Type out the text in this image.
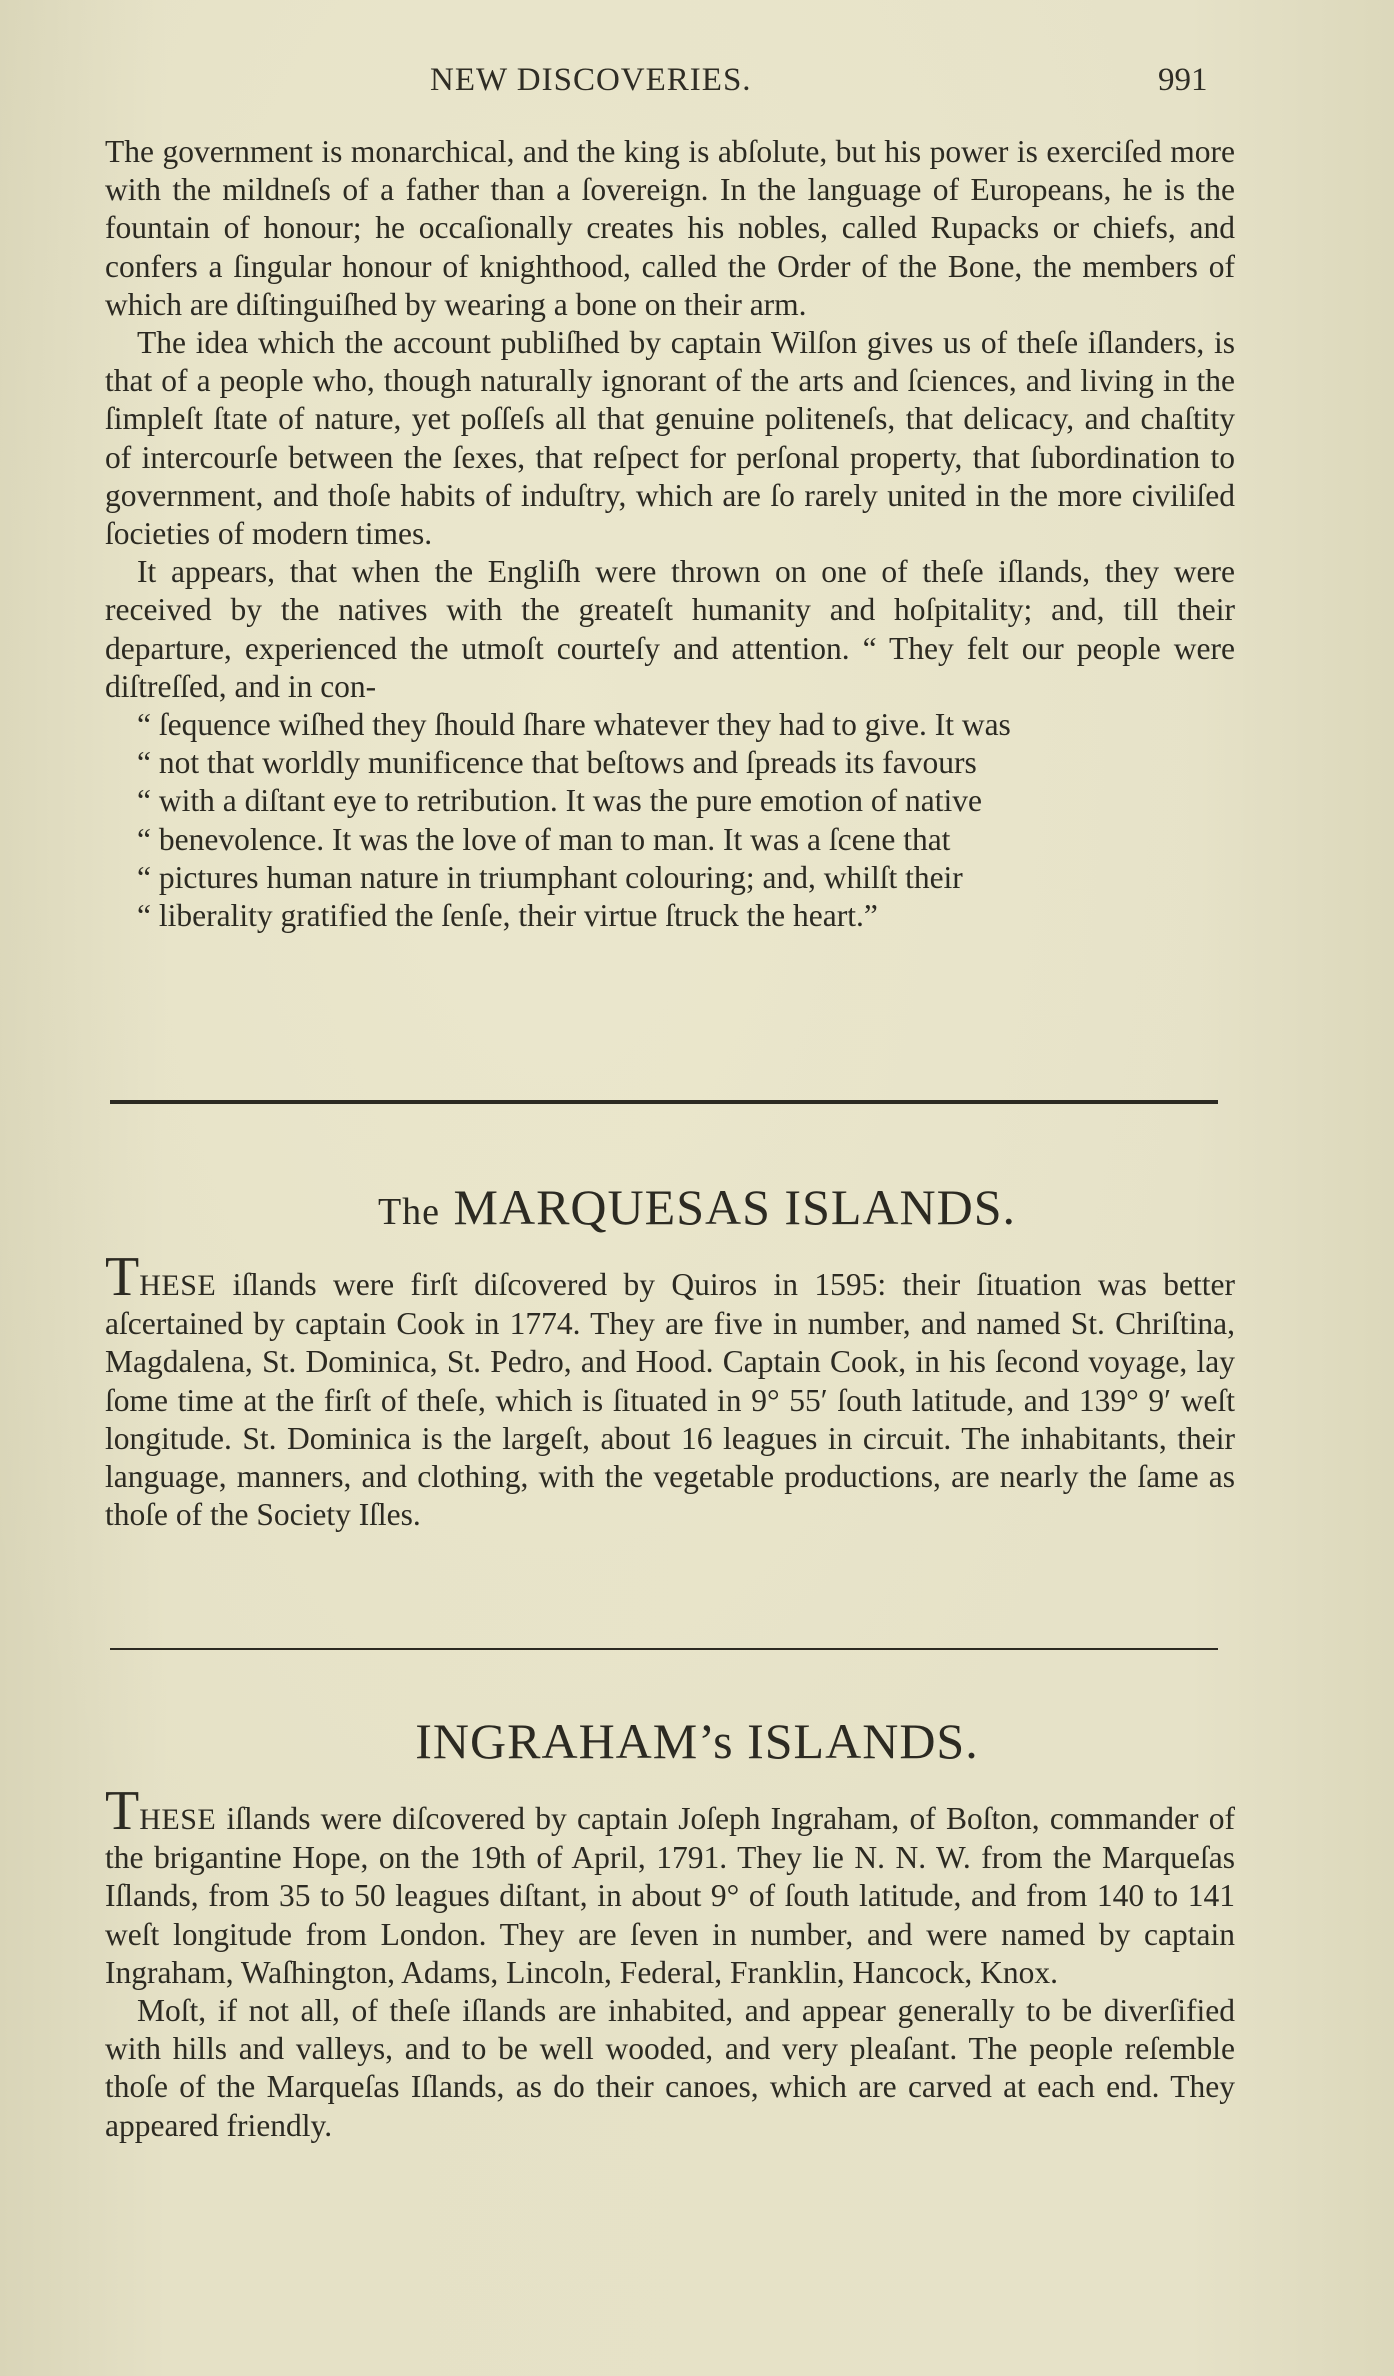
NEW DISCOVERIES.	991

The government is monarchical, and the king is abſolute, but his power is exerciſed more with the mildneſs of a father than a ſovereign. In the language of Europeans, he is the fountain of honour; he occaſionally creates his nobles, called Rupacks or chiefs, and confers a ſingular honour of knighthood, called the Order of the Bone, the members of which are diſtinguiſhed by wearing a bone on their arm.

The idea which the account publiſhed by captain Wilſon gives us of theſe iſlanders, is that of a people who, though naturally ignorant of the arts and ſciences, and living in the ſimpleſt ſtate of nature, yet poſſeſs all that genuine politeneſs, that delicacy, and chaſtity of intercourſe between the ſexes, that reſpect for perſonal property, that ſubordination to government, and thoſe habits of induſtry, which are ſo rarely united in the more civiliſed ſocieties of modern times.

It appears, that when the Engliſh were thrown on one of theſe iſlands, they were received by the natives with the greateſt humanity and hoſpitality; and, till their departure, experienced the utmoſt courteſy and attention. “ They felt our people were diſtreſſed, and in con-
“ ſequence wiſhed they ſhould ſhare whatever they had to give. It was
“ not that worldly munificence that beſtows and ſpreads its favours
“ with a diſtant eye to retribution. It was the pure emotion of native
“ benevolence. It was the love of man to man. It was a ſcene that
“ pictures human nature in triumphant colouring; and, whilſt their
“ liberality gratified the ſenſe, their virtue ſtruck the heart.”

The MARQUESAS ISLANDS.

THESE iſlands were firſt diſcovered by Quiros in 1595: their ſituation was better aſcertained by captain Cook in 1774. They are five in number, and named St. Chriſtina, Magdalena, St. Dominica, St. Pedro, and Hood. Captain Cook, in his ſecond voyage, lay ſome time at the firſt of theſe, which is ſituated in 9° 55′ ſouth latitude, and 139° 9′ weſt longitude. St. Dominica is the largeſt, about 16 leagues in circuit. The inhabitants, their language, manners, and clothing, with the vegetable productions, are nearly the ſame as thoſe of the Society Iſles.

INGRAHAM’s ISLANDS.

THESE iſlands were diſcovered by captain Joſeph Ingraham, of Boſton, commander of the brigantine Hope, on the 19th of April, 1791. They lie N. N. W. from the Marqueſas Iſlands, from 35 to 50 leagues diſtant, in about 9° of ſouth latitude, and from 140 to 141 weſt longitude from London. They are ſeven in number, and were named by captain Ingraham, Waſhington, Adams, Lincoln, Federal, Franklin, Hancock, Knox.

Moſt, if not all, of theſe iſlands are inhabited, and appear generally to be diverſified with hills and valleys, and to be well wooded, and very pleaſant. The people reſemble thoſe of the Marqueſas Iſlands, as do their canoes, which are carved at each end. They appeared friendly.
